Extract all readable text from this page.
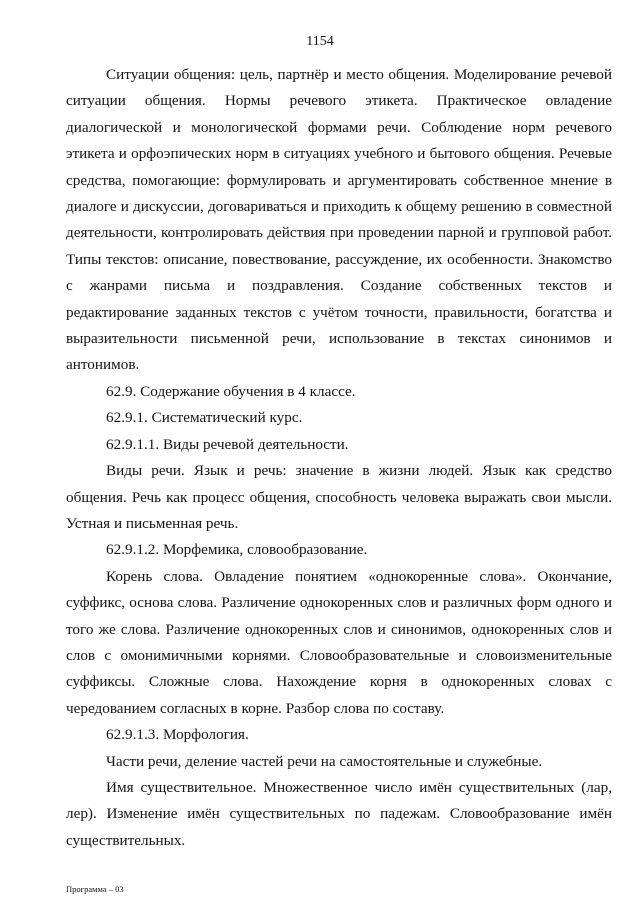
1154

Ситуации общения: цель, партнёр и место общения. Моделирование речевой ситуации общения. Нормы речевого этикета. Практическое овладение диалогической и монологической формами речи. Соблюдение норм речевого этикета и орфоэпических норм в ситуациях учебного и бытового общения. Речевые средства, помогающие: формулировать и аргументировать собственное мнение в диалоге и дискуссии, договариваться и приходить к общему решению в совместной деятельности, контролировать действия при проведении парной и групповой работ. Типы текстов: описание, повествование, рассуждение, их особенности. Знакомство с жанрами письма и поздравления. Создание собственных текстов и редактирование заданных текстов с учётом точности, правильности, богатства и выразительности письменной речи, использование в текстах синонимов и антонимов.

62.9. Содержание обучения в 4 классе.

62.9.1. Систематический курс.

62.9.1.1. Виды речевой деятельности.

Виды речи. Язык и речь: значение в жизни людей. Язык как средство общения. Речь как процесс общения, способность человека выражать свои мысли. Устная и письменная речь.

62.9.1.2. Морфемика, словообразование.

Корень слова. Овладение понятием «однокоренные слова». Окончание, суффикс, основа слова. Различение однокоренных слов и различных форм одного и того же слова. Различение однокоренных слов и синонимов, однокоренных слов и слов с омонимичными корнями. Словообразовательные и словоизменительные суффиксы. Сложные слова. Нахождение корня в однокоренных словах с чередованием согласных в корне. Разбор слова по составу.

62.9.1.3. Морфология.

Части речи, деление частей речи на самостоятельные и служебные.

Имя существительное. Множественное число имён существительных (лар, лер). Изменение имён существительных по падежам. Словообразование имён существительных.

Программа – 03
